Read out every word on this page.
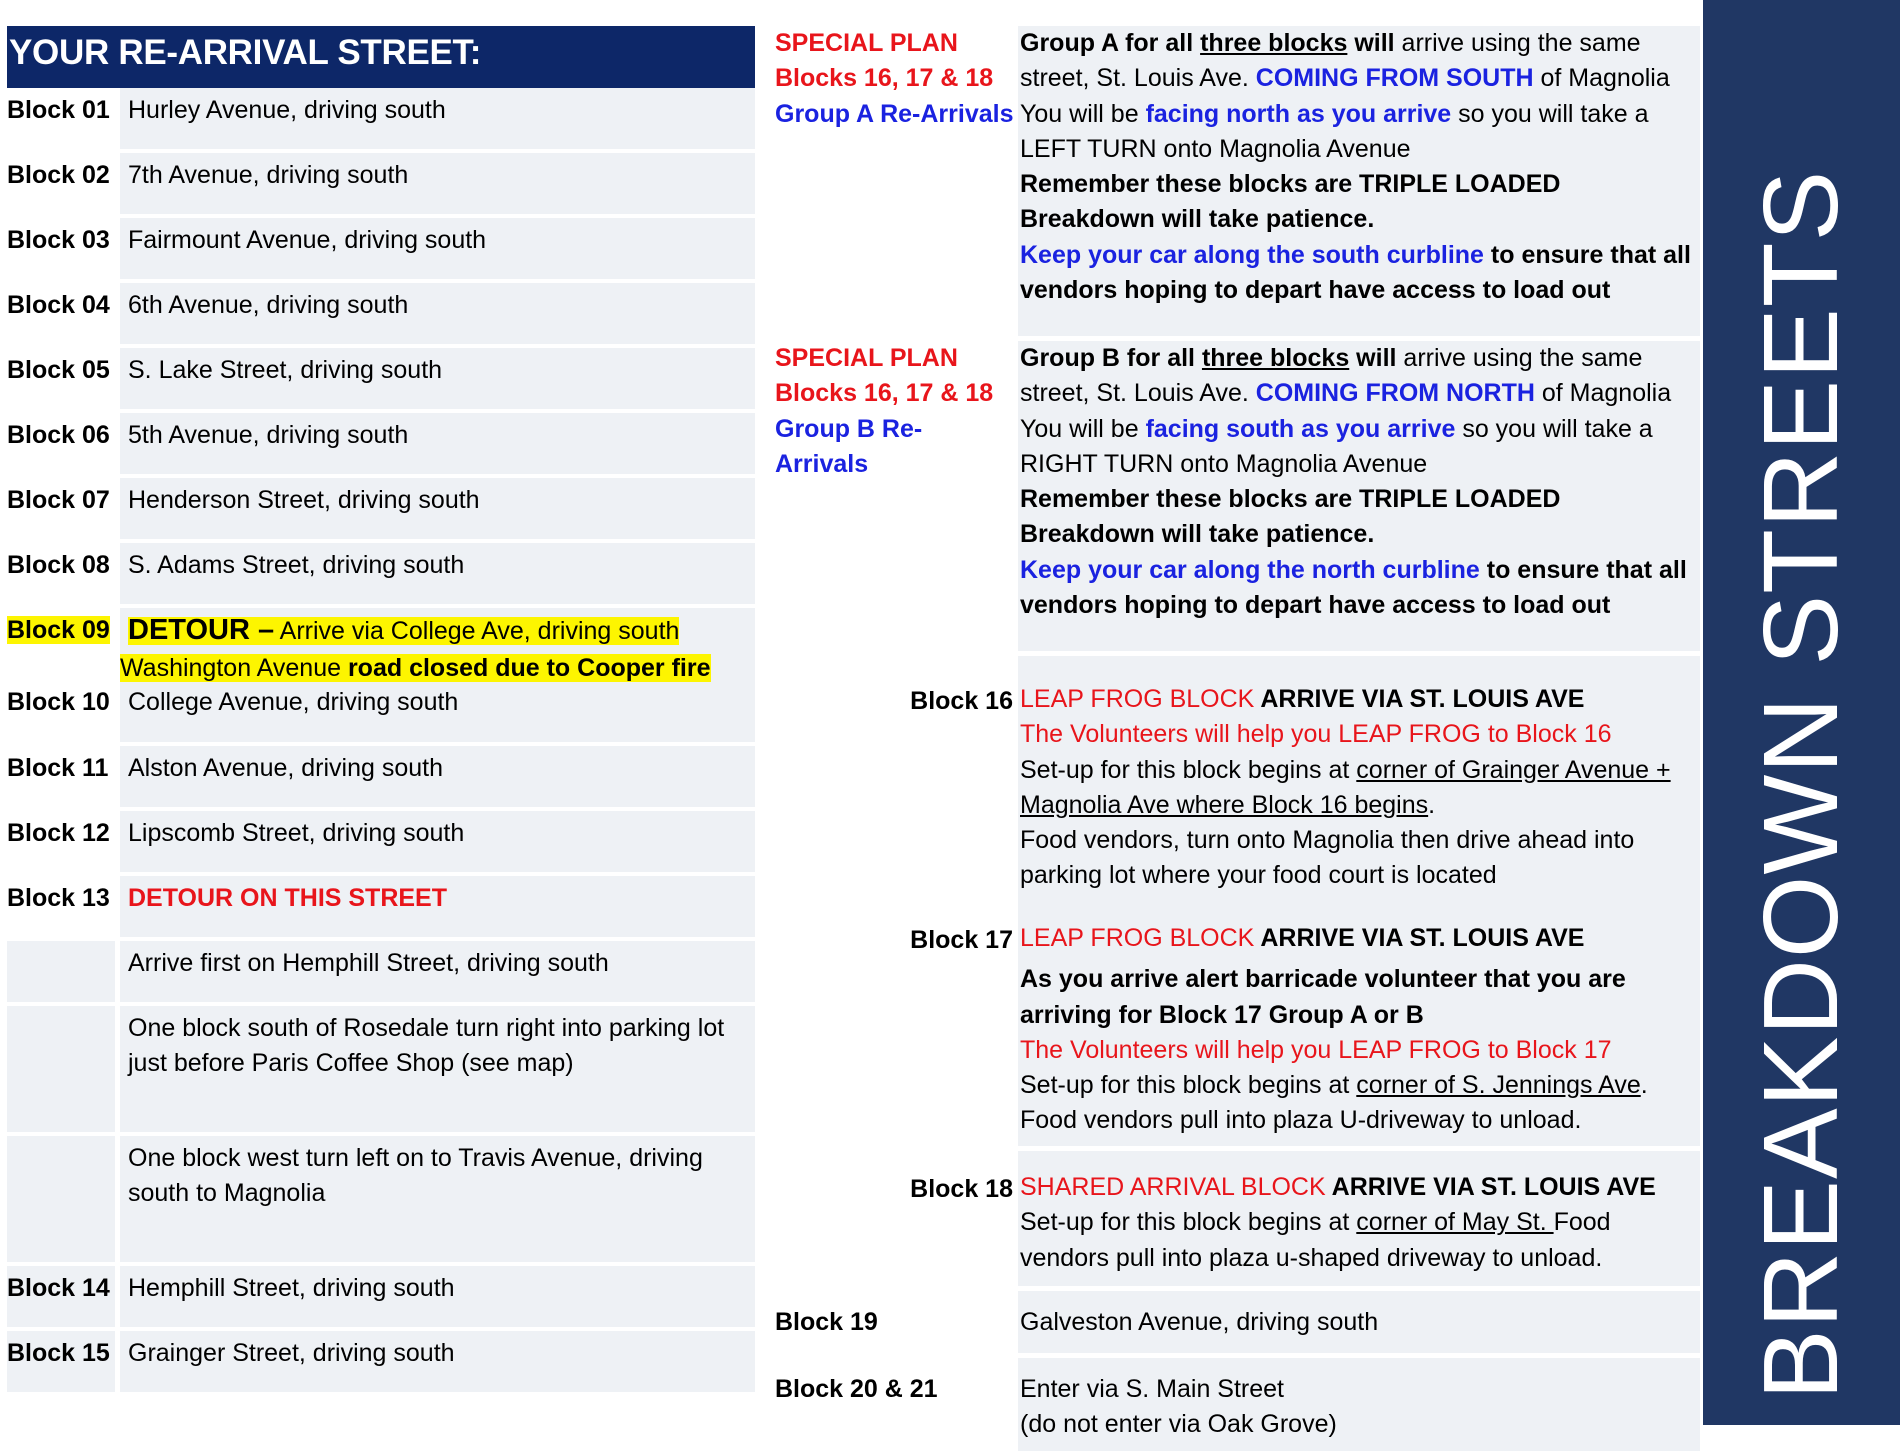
YOUR RE-ARRIVAL STREET:
Block 01 Hurley Avenue, driving south
Block 02 7th Avenue, driving south
Block 03 Fairmount Avenue, driving south
Block 04 6th Avenue, driving south
Block 05 S. Lake Street, driving south
Block 06 5th Avenue, driving south
Block 07 Henderson Street, driving south
Block 08 S. Adams Street, driving south
Block 09 DETOUR – Arrive via College Ave, driving south
Washington Avenue road closed due to Cooper fire
Block 10 College Avenue, driving south
Block 11 Alston Avenue, driving south
Block 12 Lipscomb Street, driving south
Block 13 DETOUR ON THIS STREET
Arrive first on Hemphill Street, driving south
One block south of Rosedale turn right into parking lot just before Paris Coffee Shop (see map)
One block west turn left on to Travis Avenue, driving south to Magnolia
Block 14 Hemphill Street, driving south
Block 15 Grainger Street, driving south
SPECIAL PLAN
Blocks 16, 17 & 18
Group A Re-Arrivals
Group A for all three blocks will arrive using the same street, St. Louis Ave. COMING FROM SOUTH of Magnolia You will be facing north as you arrive so you will take a LEFT TURN onto Magnolia Avenue
Remember these blocks are TRIPLE LOADED
Breakdown will take patience.
Keep your car along the south curbline to ensure that all vendors hoping to depart have access to load out
SPECIAL PLAN
Blocks 16, 17 & 18
Group B Re-Arrivals
Group B for all three blocks will arrive using the same street, St. Louis Ave. COMING FROM NORTH of Magnolia You will be facing south as you arrive so you will take a RIGHT TURN onto Magnolia Avenue
Remember these blocks are TRIPLE LOADED
Breakdown will take patience.
Keep your car along the north curbline to ensure that all vendors hoping to depart have access to load out
Block 16 LEAP FROG BLOCK ARRIVE VIA ST. LOUIS AVE
The Volunteers will help you LEAP FROG to Block 16
Set-up for this block begins at corner of Grainger Avenue + Magnolia Ave where Block 16 begins.
Food vendors, turn onto Magnolia then drive ahead into parking lot where your food court is located
Block 17 LEAP FROG BLOCK ARRIVE VIA ST. LOUIS AVE

As you arrive alert barricade volunteer that you are arriving for Block 17 Group A or B
The Volunteers will help you LEAP FROG to Block 17
Set-up for this block begins at corner of S. Jennings Ave.
Food vendors pull into plaza U-driveway to unload.
Block 18 SHARED ARRIVAL BLOCK ARRIVE VIA ST. LOUIS AVE
Set-up for this block begins at corner of May St. Food vendors pull into plaza u-shaped driveway to unload.
Block 19	Galveston Avenue, driving south
Block 20 & 21	Enter via S. Main Street
(do not enter via Oak Grove)
BREAKDOWN STREETS
